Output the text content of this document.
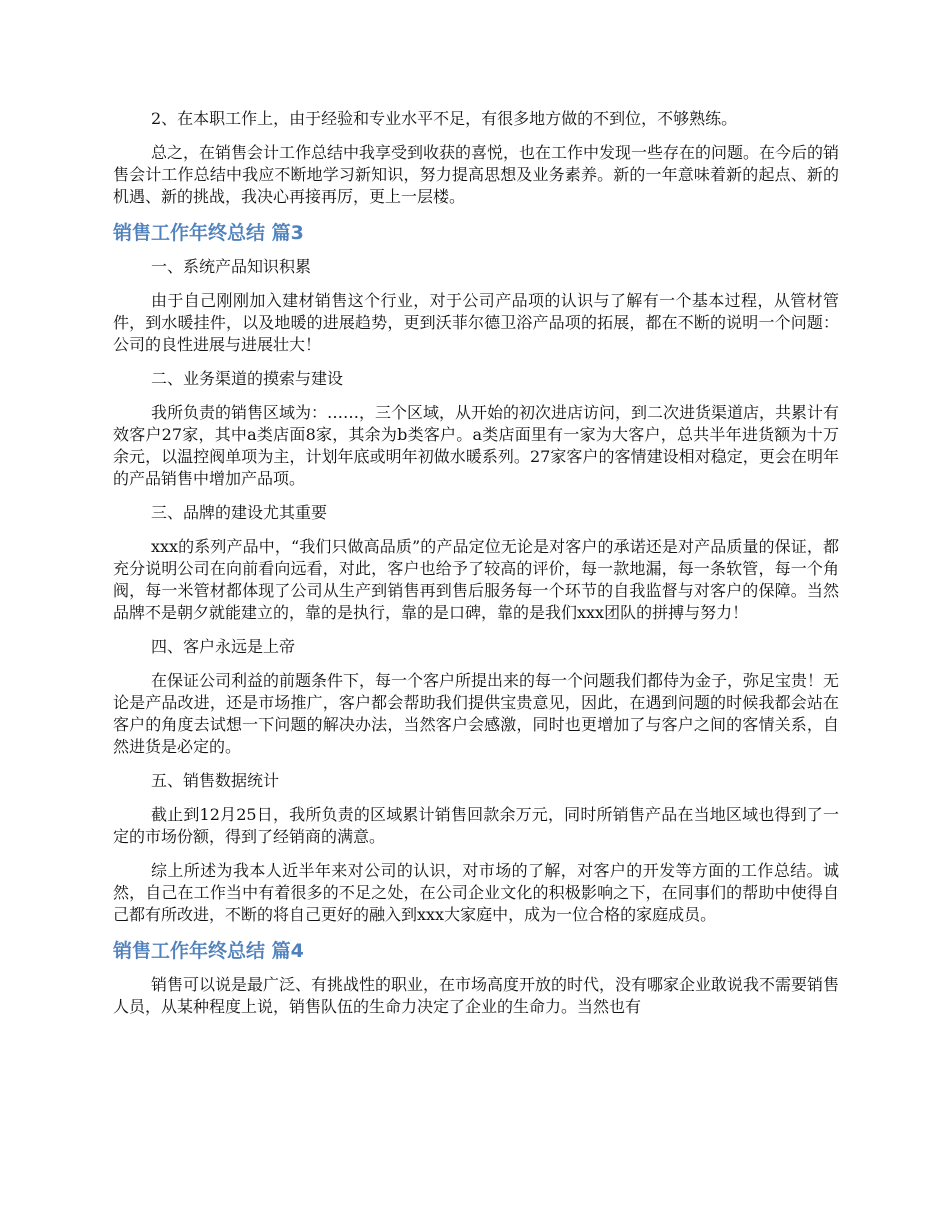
2、在本职工作上，由于经验和专业水平不足，有很多地方做的不到位，不够熟练。

总之，在销售会计工作总结中我享受到收获的喜悦，也在工作中发现一些存在的问题。在今后的销售会计工作总结中我应不断地学习新知识，努力提高思想及业务素养。新的一年意味着新的起点、新的机遇、新的挑战，我决心再接再厉，更上一层楼。

销售工作年终总结 篇3

一、系统产品知识积累

由于自己刚刚加入建材销售这个行业，对于公司产品项的认识与了解有一个基本过程，从管材管件，到水暖挂件，以及地暖的进展趋势，更到沃菲尔德卫浴产品项的拓展，都在不断的说明一个问题：公司的良性进展与进展壮大！

二、业务渠道的摸索与建设

我所负责的销售区域为：……，三个区域，从开始的初次进店访问，到二次进货渠道店，共累计有效客户27家，其中a类店面8家，其余为b类客户。a类店面里有一家为大客户，总共半年进货额为十万余元，以温控阀单项为主，计划年底或明年初做水暖系列。27家客户的客情建设相对稳定，更会在明年的产品销售中增加产品项。

三、品牌的建设尤其重要

xxx的系列产品中，“我们只做高品质”的产品定位无论是对客户的承诺还是对产品质量的保证，都充分说明公司在向前看向远看，对此，客户也给予了较高的评价，每一款地漏，每一条软管，每一个角阀，每一米管材都体现了公司从生产到销售再到售后服务每一个环节的自我监督与对客户的保障。当然品牌不是朝夕就能建立的，靠的是执行，靠的是口碑，靠的是我们xxx团队的拼搏与努力！

四、客户永远是上帝

在保证公司利益的前题条件下，每一个客户所提出来的每一个问题我们都侍为金子，弥足宝贵！无论是产品改进，还是市场推广，客户都会帮助我们提供宝贵意见，因此，在遇到问题的时候我都会站在客户的角度去试想一下问题的解决办法，当然客户会感激，同时也更增加了与客户之间的客情关系，自然进货是必定的。

五、销售数据统计

截止到12月25日，我所负责的区域累计销售回款余万元，同时所销售产品在当地区域也得到了一定的市场份额，得到了经销商的满意。

综上所述为我本人近半年来对公司的认识，对市场的了解，对客户的开发等方面的工作总结。诚然，自己在工作当中有着很多的不足之处，在公司企业文化的积极影响之下，在同事们的帮助中使得自己都有所改进，不断的将自己更好的融入到xxx大家庭中，成为一位合格的家庭成员。

销售工作年终总结 篇4

销售可以说是最广泛、有挑战性的职业，在市场高度开放的时代，没有哪家企业敢说我不需要销售人员，从某种程度上说，销售队伍的生命力决定了企业的生命力。当然也有
